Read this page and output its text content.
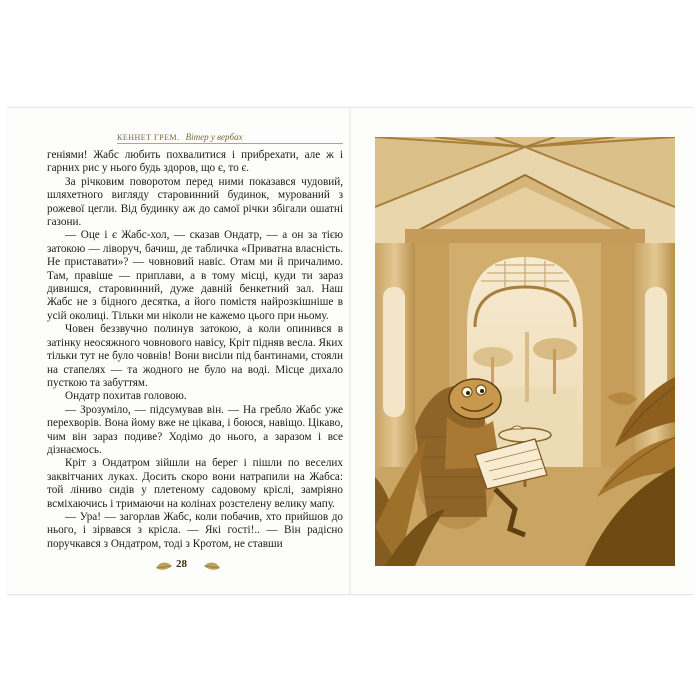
КЕННЕТ ГРЕМ. Вітер у вербах

геніями! Жабс любить похвалитися і прибрехати, але ж і гарних рис у нього будь здоров, що є, то є.

За річковим поворотом перед ними показався чудовий, шляхетного вигляду старовинний будинок, мурований з рожевої цегли. Від будинку аж до самої річки збігали ошатні газони.

— Оце і є Жабс-хол, — сказав Ондатр, — а он за тією затокою — ліворуч, бачиш, де табличка «Приватна власність. Не приставати»? — човновий навіс. Отам ми й причалимо. Там, правіше — приплави, а в тому місці, куди ти зараз дивишся, старовинний, дуже давній бенкетний зал. Наш Жабс не з бідного десятка, а його помістя найрозкішніше в усій околиці. Тільки ми ніколи не кажемо цього при ньому.

Човен беззвучно полинув затокою, а коли опинився в затінку неосяжного човнового навісу, Кріт підняв весла. Яких тільки тут не було човнів! Вони висіли під бантинами, стояли на стапелях — та жодного не було на воді. Місце дихало пусткою та забуттям.

Ондатр похитав головою.

— Зрозуміло, — підсумував він. — На гребло Жабс уже перехворів. Вона йому вже не цікава, і боюся, навіщо. Цікаво, чим він зараз подиве? Ходімо до нього, а заразом і все дізнаємось.

Кріт з Ондатром зійшли на берег і пішли по веселих заквітчаних луках. Досить скоро вони натрапили на Жабса: той ліниво сидів у плетеному садовому кріслі, замріяно всміхаючись і тримаючи на колінах розстелену велику мапу.

— Ура! — загорлав Жабс, коли побачив, хто прийшов до нього, і зірвався з крісла. — Які гості!.. — Він радісно поручкався з Ондатром, тоді з Кротом, не ставши

28
